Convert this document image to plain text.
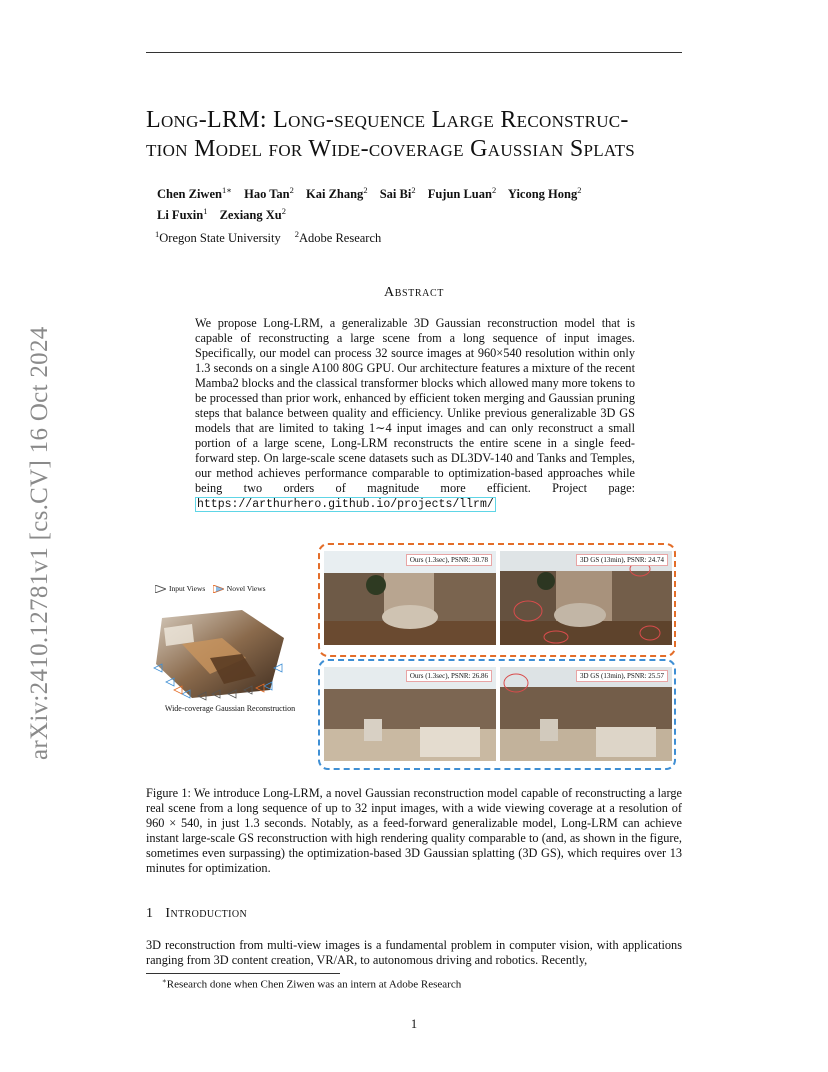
Long-LRM: Long-sequence Large Reconstruc-
tion Model for Wide-coverage Gaussian Splats
Chen Ziwen$^{1∗}$ Hao Tan$^2$ Kai Zhang$^2$ Sai Bi$^2$ Fujun Luan$^2$ Yicong Hong$^2$
Li Fuxin$^1$ Zexiang Xu$^2$
$^1$Oregon State University $^2$Adobe Research
arXiv:2410.12781v1 [cs.CV] 16 Oct 2024
Abstract
We propose Long-LRM, a generalizable 3D Gaussian reconstruction model that is capable of reconstructing a large scene from a long sequence of input images. Specifically, our model can process 32 source images at 960×540 resolution within only 1.3 seconds on a single A100 80G GPU. Our architecture features a mixture of the recent Mamba2 blocks and the classical transformer blocks which allowed many more tokens to be processed than prior work, enhanced by efficient token merging and Gaussian pruning steps that balance between quality and efficiency. Unlike previous generalizable 3D GS models that are limited to taking 1∼4 input images and can only reconstruct a small portion of a large scene, Long-LRM reconstructs the entire scene in a single feed-forward step. On large-scale scene datasets such as DL3DV-140 and Tanks and Temples, our method achieves performance comparable to optimization-based approaches while being two orders of magnitude more efficient. Project page: https://arthurhero.github.io/projects/llrm/
Input Views	Novel Views
Wide-coverage Gaussian Reconstruction
Ours (1.3sec), PSNR: 30.78	3D GS (13min), PSNR: 24.74
Ours (1.3sec), PSNR: 26.86	3D GS (13min), PSNR: 25.57
Figure 1: We introduce Long-LRM, a novel Gaussian reconstruction model capable of reconstructing a large real scene from a long sequence of up to 32 input images, with a wide viewing coverage at a resolution of 960 × 540, in just 1.3 seconds. Notably, as a feed-forward generalizable model, Long-LRM can achieve instant large-scale GS reconstruction with high rendering quality comparable to (and, as shown in the figure, sometimes even surpassing) the optimization-based 3D Gaussian splatting (3D GS), which requires over 13 minutes for optimization.
1 Introduction
3D reconstruction from multi-view images is a fundamental problem in computer vision, with applications ranging from 3D content creation, VR/AR, to autonomous driving and robotics. Recently,
∗Research done when Chen Ziwen was an intern at Adobe Research
1
